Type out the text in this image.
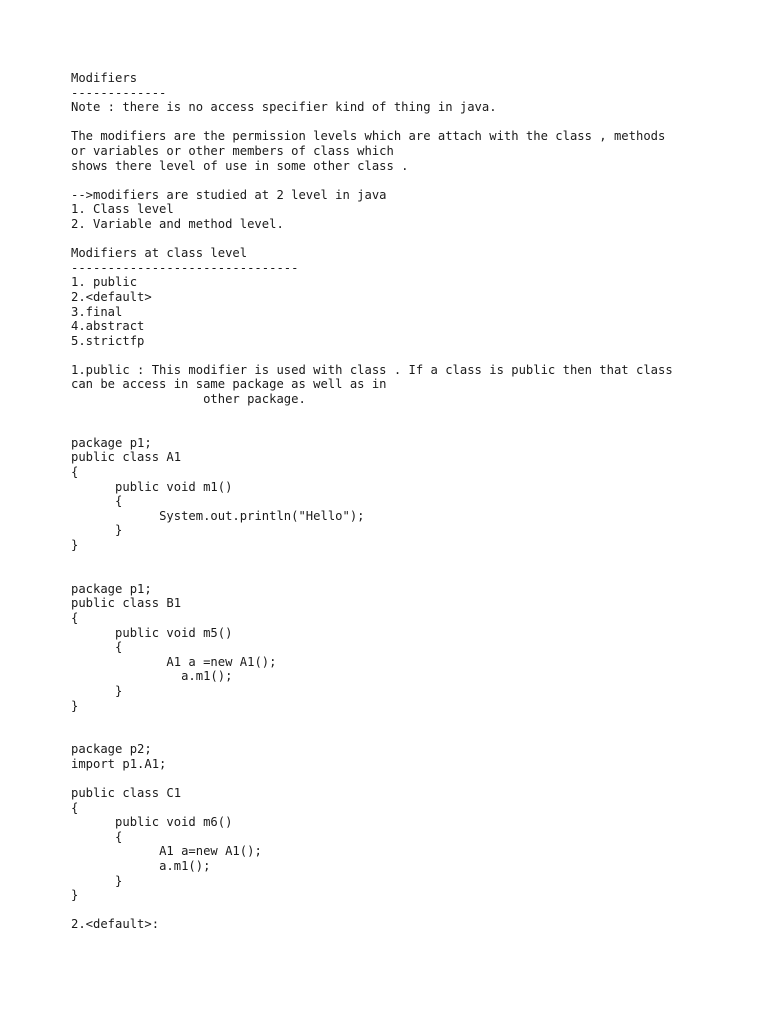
Modifiers
-------------
Note : there is no access specifier kind of thing in java.
The modifiers are the permission levels which are attach with the class , methods
or variables or other members of class which
shows there level of use in some other class .
-->modifiers are studied at 2 level in java
1. Class level
2. Variable and method level.
Modifiers at class level
-------------------------------
1. public
2.<default>
3.final
4.abstract
5.strictfp
1.public : This modifier is used with class . If a class is public then that class
can be access in same package as well as in
other package.
package p1;
public class A1
{
	public void m1()
	{
		System.out.println("Hello");
	}
}
package p1;
public class B1
{
	public void m5()
	{
		A1 a =new A1();
		a.m1();
	}
}
package p2;
import p1.A1;
public class C1
{
	public void m6()
	{
		A1 a=new A1();
		a.m1();
	}
}
2.<default>:
